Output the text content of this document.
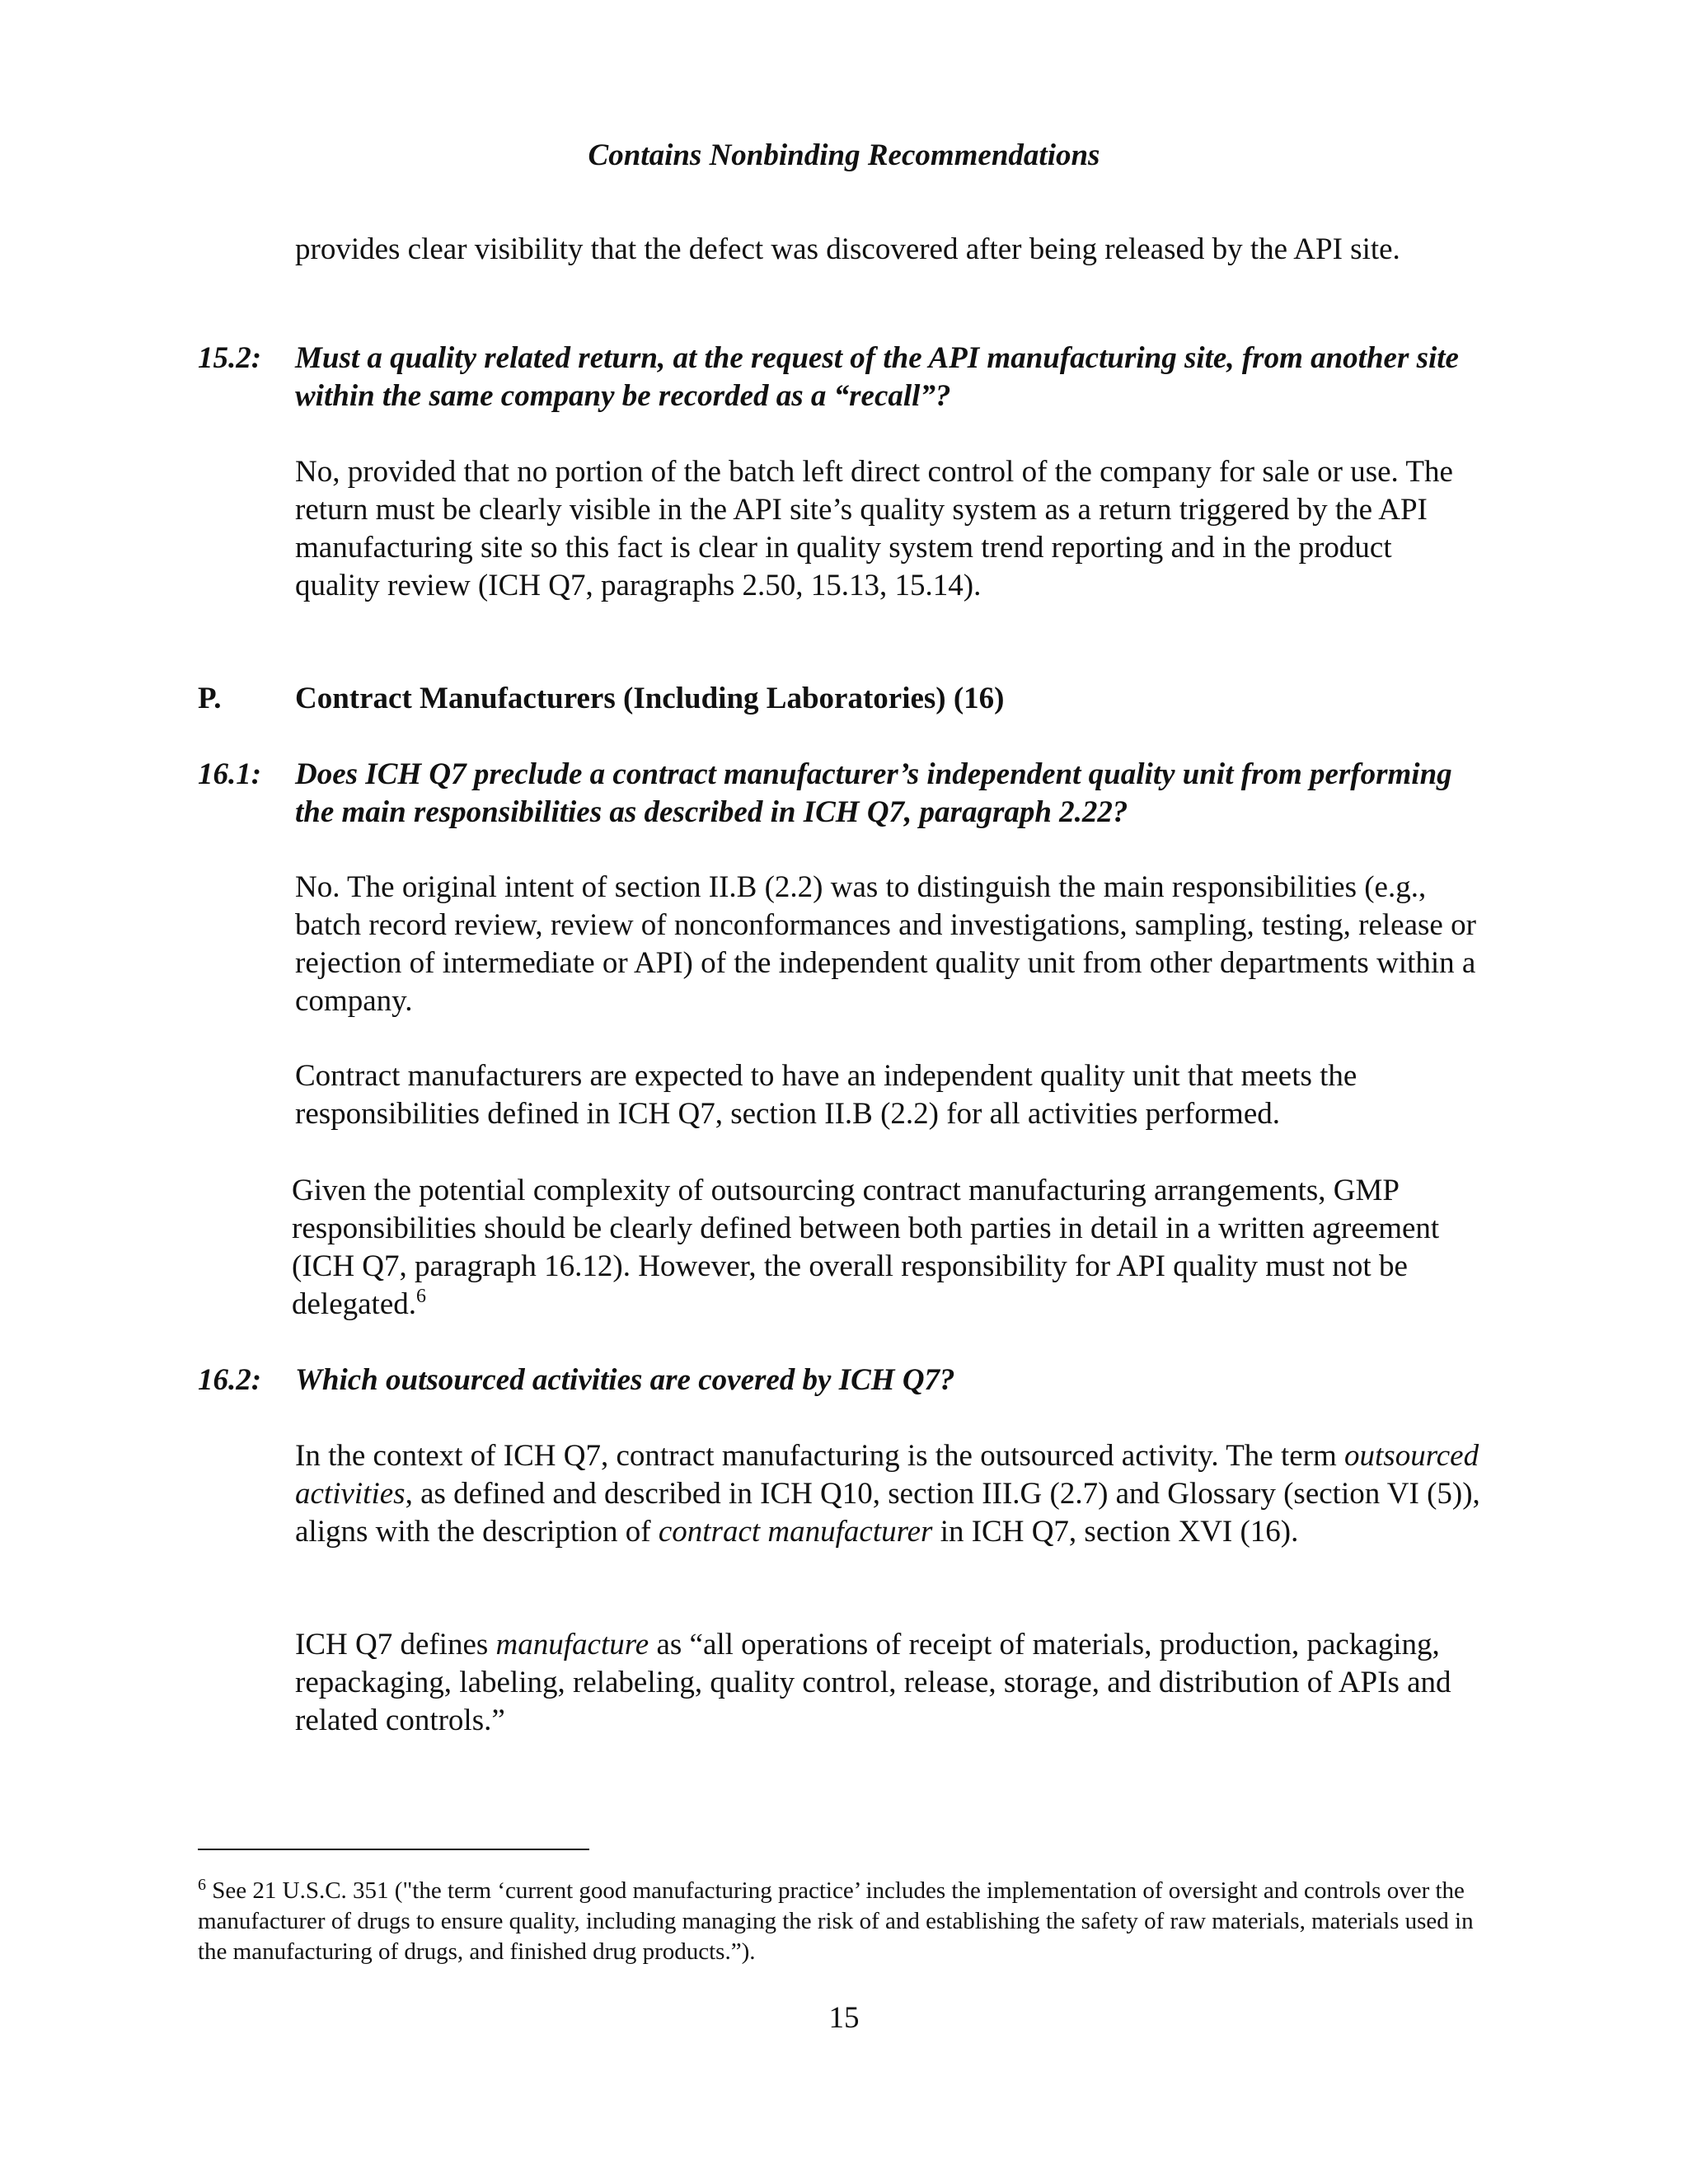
Contains Nonbinding Recommendations

provides clear visibility that the defect was discovered after being released by the API site.

15.2: Must a quality related return, at the request of the API manufacturing site, from another site within the same company be recorded as a “recall”?

No, provided that no portion of the batch left direct control of the company for sale or use. The return must be clearly visible in the API site’s quality system as a return triggered by the API manufacturing site so this fact is clear in quality system trend reporting and in the product quality review (ICH Q7, paragraphs 2.50, 15.13, 15.14).

P. Contract Manufacturers (Including Laboratories) (16)
16.1: Does ICH Q7 preclude a contract manufacturer’s independent quality unit from performing the main responsibilities as described in ICH Q7, paragraph 2.22?

No. The original intent of section II.B (2.2) was to distinguish the main responsibilities (e.g., batch record review, review of nonconformances and investigations, sampling, testing, release or rejection of intermediate or API) of the independent quality unit from other departments within a company.

Contract manufacturers are expected to have an independent quality unit that meets the responsibilities defined in ICH Q7, section II.B (2.2) for all activities performed.

Given the potential complexity of outsourcing contract manufacturing arrangements, GMP responsibilities should be clearly defined between both parties in detail in a written agreement (ICH Q7, paragraph 16.12). However, the overall responsibility for API quality must not be delegated.$^6$

16.2: Which outsourced activities are covered by ICH Q7?

In the context of ICH Q7, contract manufacturing is the outsourced activity. The term outsourced activities, as defined and described in ICH Q10, section III.G (2.7) and Glossary (section VI (5)), aligns with the description of contract manufacturer in ICH Q7, section XVI (16).

ICH Q7 defines manufacture as “all operations of receipt of materials, production, packaging, repackaging, labeling, relabeling, quality control, release, storage, and distribution of APIs and related controls.”

$^6$ See 21 U.S.C. 351 ("the term ‘current good manufacturing practice’ includes the implementation of oversight and controls over the manufacturer of drugs to ensure quality, including managing the risk of and establishing the safety of raw materials, materials used in the manufacturing of drugs, and finished drug products.”).
15
